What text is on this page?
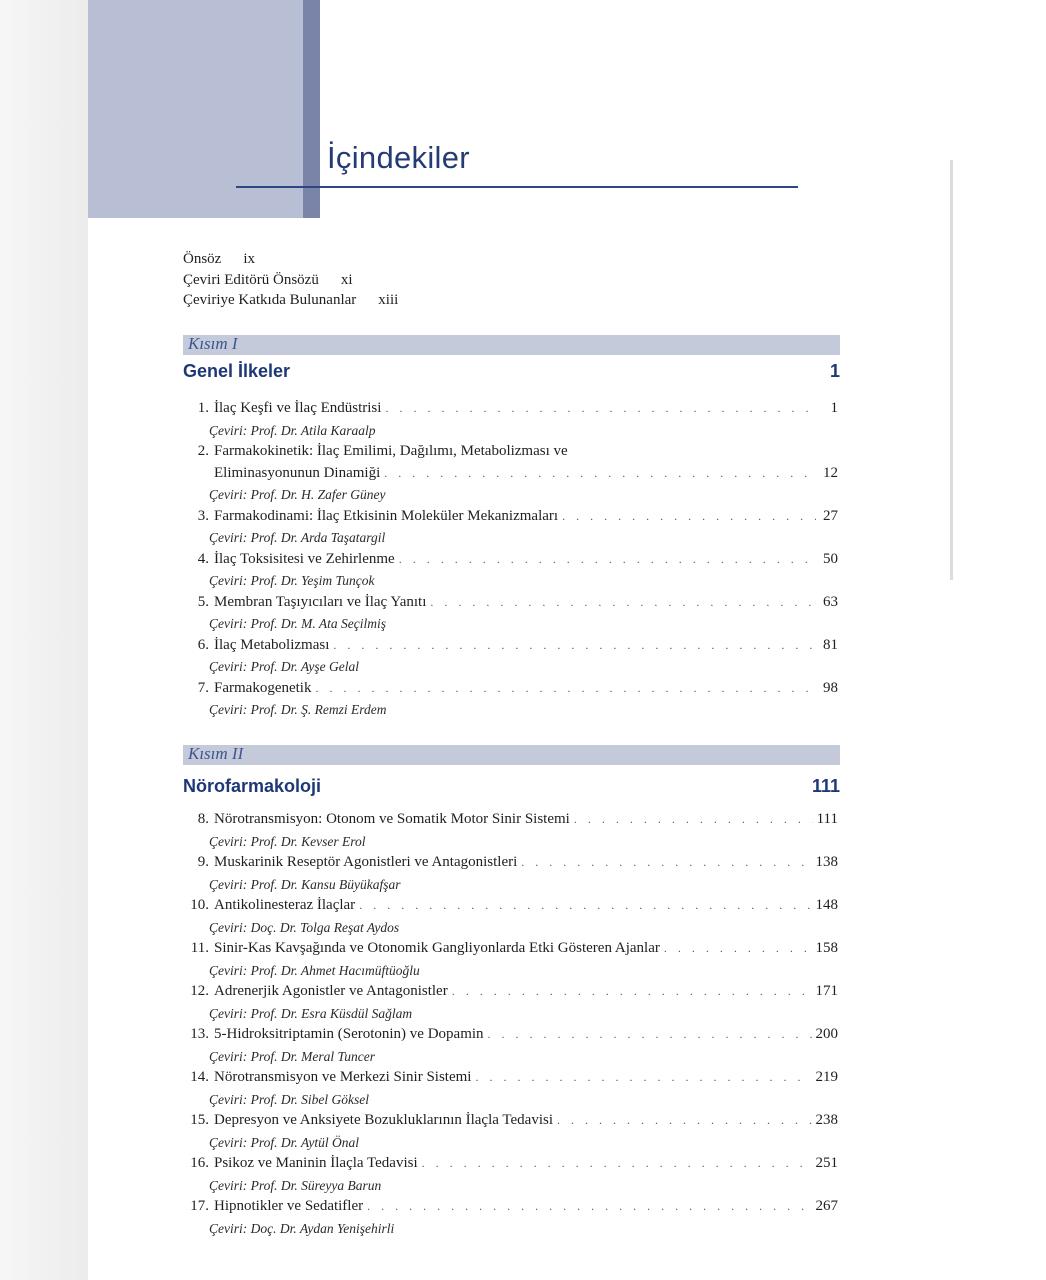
İçindekiler
Önsöz ix
Çeviri Editörü Önsözü xi
Çeviriye Katkıda Bulunanlar xiii
Kısım I
Genel İlkeler	1
1. İlaç Keşfi ve İlaç Endüstrisi . . .	1
Çeviri: Prof. Dr. Atila Karaalp
2. Farmakokinetik: İlaç Emilimi, Dağılımı, Metabolizması ve
Eliminasyonunun Dinamiği . . .	12
Çeviri: Prof. Dr. H. Zafer Güney
3. Farmakodinami: İlaç Etkisinin Moleküler Mekanizmaları . . .	27
Çeviri: Prof. Dr. Arda Taşatargil
4. İlaç Toksisitesi ve Zehirlenme . . .	50
Çeviri: Prof. Dr. Yeşim Tunçok
5. Membran Taşıyıcıları ve İlaç Yanıtı . . .	63
Çeviri: Prof. Dr. M. Ata Seçilmiş
6. İlaç Metabolizması . . .	81
Çeviri: Prof. Dr. Ayşe Gelal
7. Farmakogenetik . . .	98
Çeviri: Prof. Dr. Ş. Remzi Erdem
Kısım II
Nörofarmakoloji	111
8. Nörotransmisyon: Otonom ve Somatik Motor Sinir Sistemi . . .	111
Çeviri: Prof. Dr. Kevser Erol
9. Muskarinik Reseptör Agonistleri ve Antagonistleri . . .	138
Çeviri: Prof. Dr. Kansu Büyükafşar
10. Antikolinesteraz İlaçlar . . .	148
Çeviri: Doç. Dr. Tolga Reşat Aydos
11. Sinir-Kas Kavşağında ve Otonomik Gangliyonlarda Etki Gösteren Ajanlar . . .	158
Çeviri: Prof. Dr. Ahmet Hacımüftüoğlu
12. Adrenerjik Agonistler ve Antagonistler . . .	171
Çeviri: Prof. Dr. Esra Küsdül Sağlam
13. 5-Hidroksitriptamin (Serotonin) ve Dopamin . . .	200
Çeviri: Prof. Dr. Meral Tuncer
14. Nörotransmisyon ve Merkezi Sinir Sistemi . . .	219
Çeviri: Prof. Dr. Sibel Göksel
15. Depresyon ve Anksiyete Bozukluklarının İlaçla Tedavisi . . .	238
Çeviri: Prof. Dr. Aytül Önal
16. Psikoz ve Maninin İlaçla Tedavisi . . .	251
Çeviri: Prof. Dr. Süreyya Barun
17. Hipnotikler ve Sedatifler . . .	267
Çeviri: Doç. Dr. Aydan Yenişehirli
